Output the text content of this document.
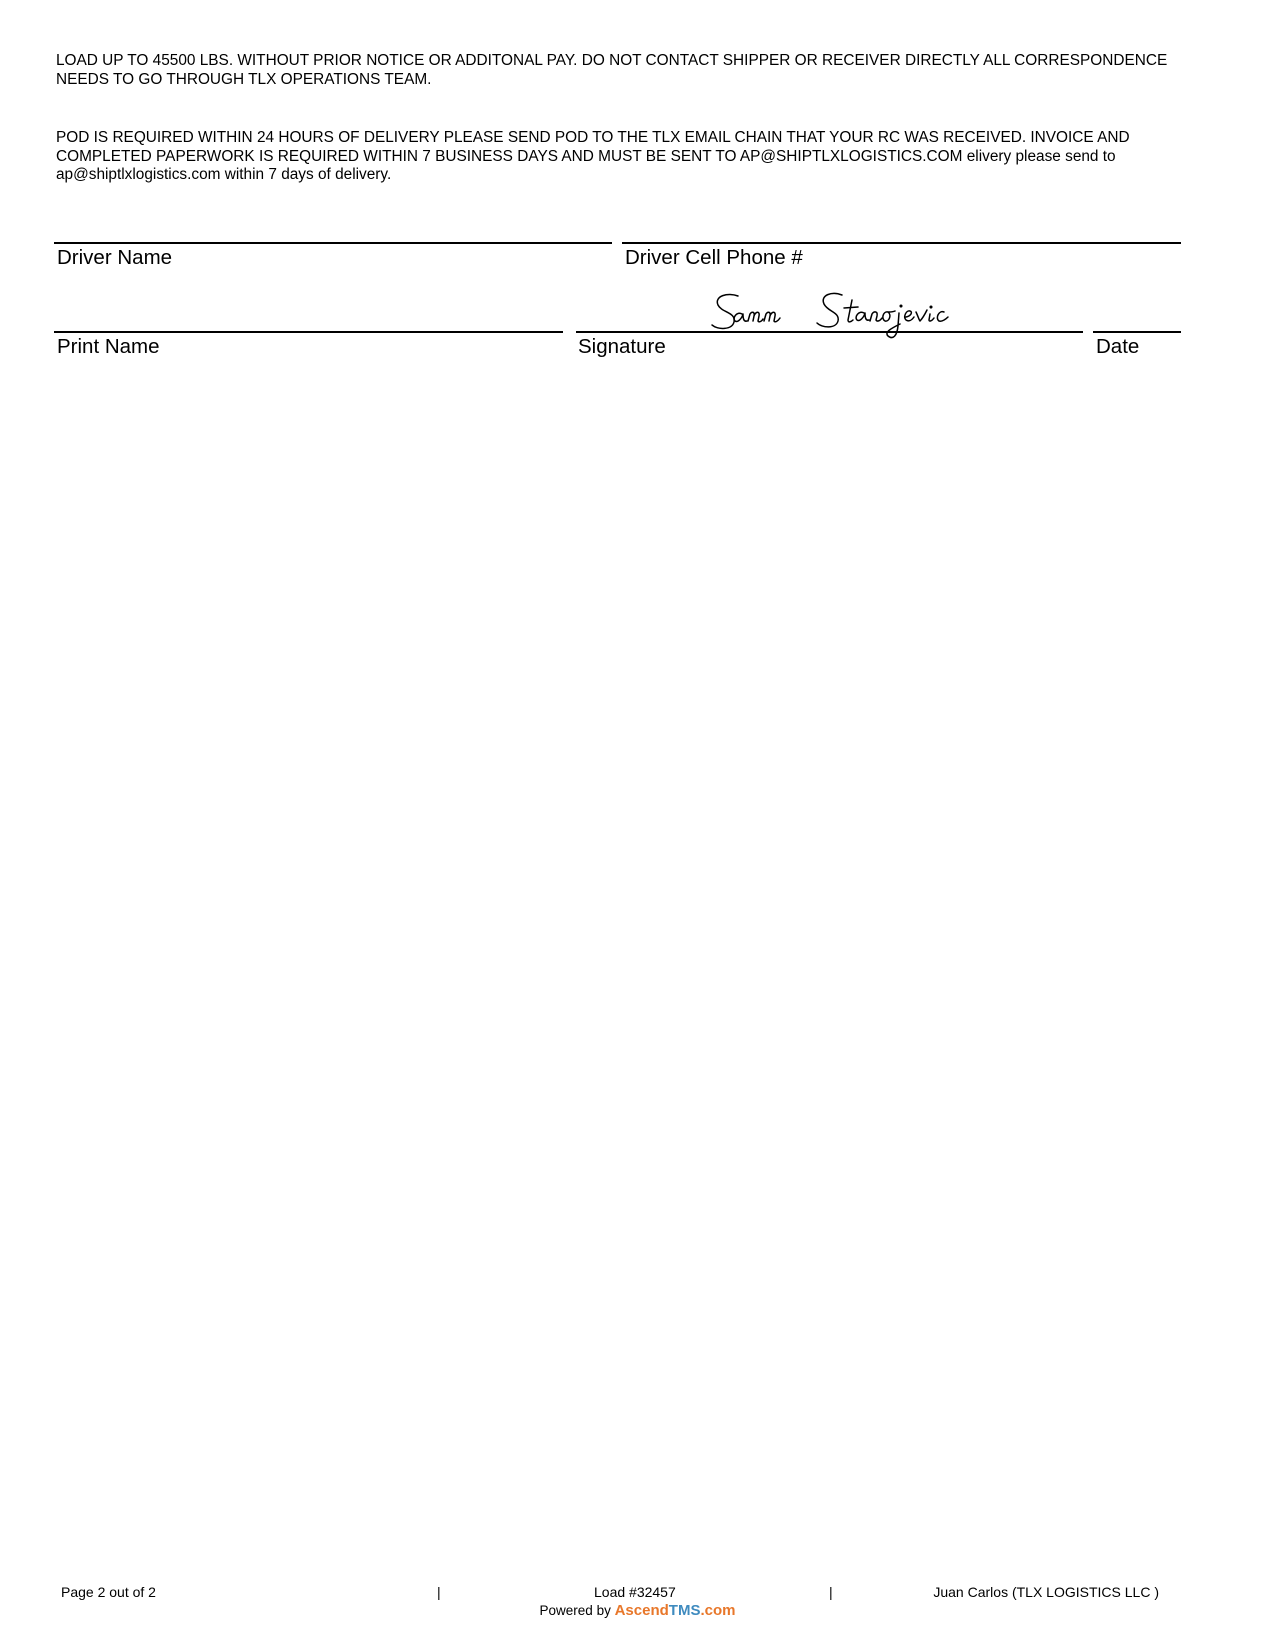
LOAD UP TO 45500 LBS. WITHOUT PRIOR NOTICE OR ADDITONAL PAY. DO NOT CONTACT SHIPPER OR RECEIVER DIRECTLY ALL CORRESPONDENCE NEEDS TO GO THROUGH TLX OPERATIONS TEAM.

POD IS REQUIRED WITHIN 24 HOURS OF DELIVERY PLEASE SEND POD TO THE TLX EMAIL CHAIN THAT YOUR RC WAS RECEIVED. INVOICE AND COMPLETED PAPERWORK IS REQUIRED WITHIN 7 BUSINESS DAYS AND MUST BE SENT TO AP@SHIPTLXLOGISTICS.COM elivery please send to ap@shiptlxlogistics.com within 7 days of delivery.

Driver Name	Driver Cell Phone #
Print Name	Signature	Date
Page 2 out of 2	|	Load #32457	|	Juan Carlos (TLX LOGISTICS LLC )
Powered by AscendTMS.com
